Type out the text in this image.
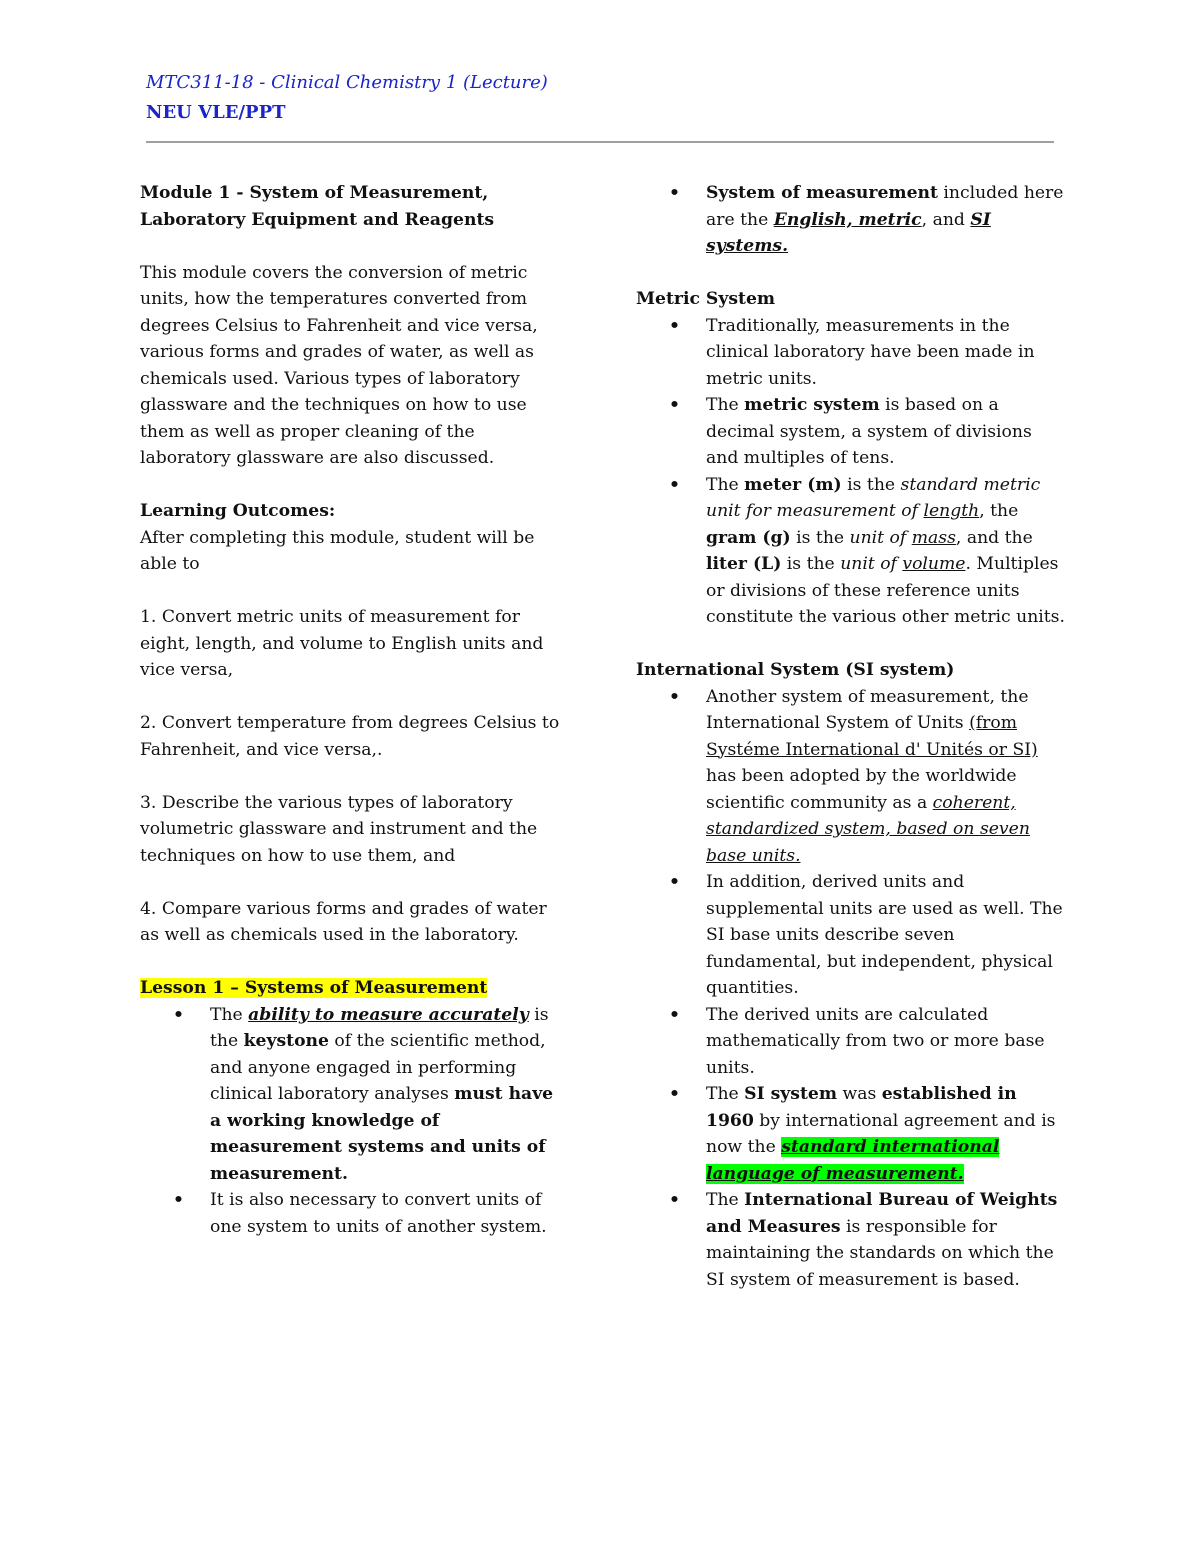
MTC311-18 - Clinical Chemistry 1 (Lecture)
NEU VLE/PPT

Module 1 - System of Measurement,

Laboratory Equipment and Reagents

This module covers the conversion of metric units, how the temperatures converted from degrees Celsius to Fahrenheit and vice versa, various forms and grades of water, as well as chemicals used. Various types of laboratory glassware and the techniques on how to use them as well as proper cleaning of the laboratory glassware are also discussed.

Learning Outcomes:

After completing this module, student will be able to

1. Convert metric units of measurement for eight, length, and volume to English units and vice versa,

2. Convert temperature from degrees Celsius to Fahrenheit, and vice versa,.

3. Describe the various types of laboratory volumetric glassware and instrument and the techniques on how to use them, and

4. Compare various forms and grades of water as well as chemicals used in the laboratory.

Lesson 1 – Systems of Measurement

• The ability to measure accurately is the keystone of the scientific method, and anyone engaged in performing clinical laboratory analyses must have a working knowledge of measurement systems and units of measurement.
• It is also necessary to convert units of one system to units of another system.
• System of measurement included here are the English, metric, and SI systems.

Metric System

• Traditionally, measurements in the clinical laboratory have been made in metric units.
• The metric system is based on a decimal system, a system of divisions and multiples of tens.
• The meter (m) is the standard metric unit for measurement of length, the gram (g) is the unit of mass, and the liter (L) is the unit of volume. Multiples or divisions of these reference units constitute the various other metric units.

International System (SI system)

• Another system of measurement, the International System of Units (from Systéme International d' Unités or SI) has been adopted by the worldwide scientific community as a coherent, standardized system, based on seven base units.
• In addition, derived units and supplemental units are used as well. The SI base units describe seven fundamental, but independent, physical quantities.
• The derived units are calculated mathematically from two or more base units.
• The SI system was established in 1960 by international agreement and is now the standard international language of measurement.
• The International Bureau of Weights and Measures is responsible for maintaining the standards on which the SI system of measurement is based.
